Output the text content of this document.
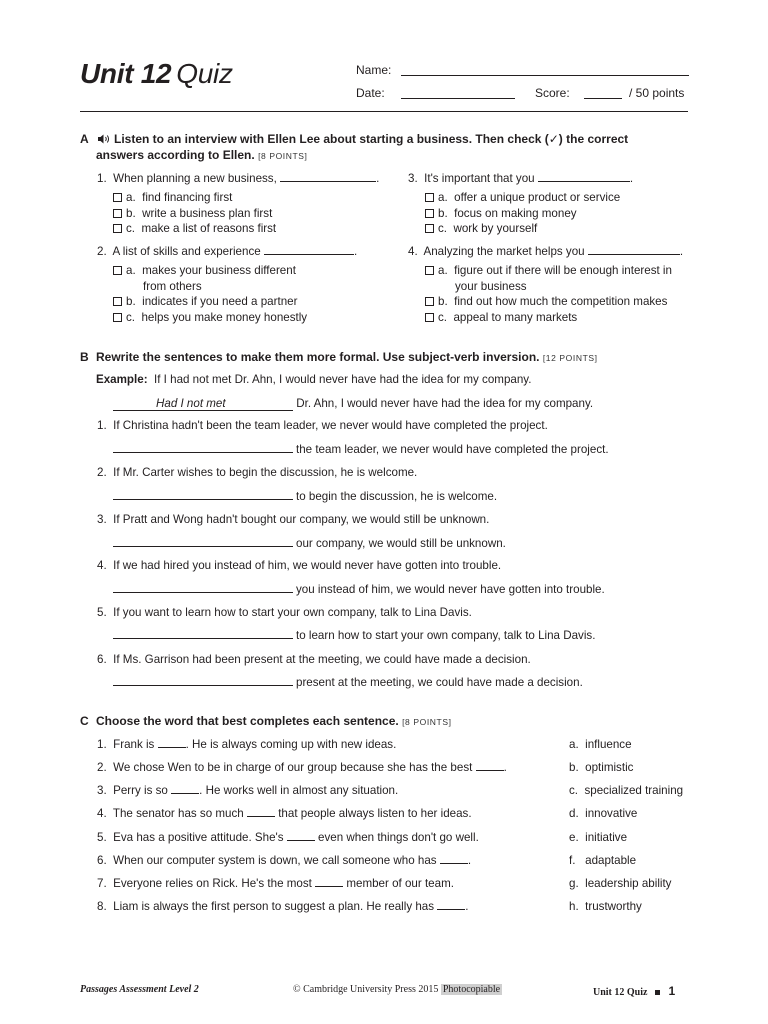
Unit 12 Quiz	Name:
Date:	Score:	/ 50 points
A	Listen to an interview with Ellen Lee about starting a business. Then check (✓) the correct
answers according to Ellen. [8 POINTS]
1. When planning a new business,	.
a. find financing first
b. write a business plan first
c. make a list of reasons first
2. A list of skills and experience	.
a. makes your business different
from others
b. indicates if you need a partner
c. helps you make money honestly
3. It's important that you	.
a. offer a unique product or service
b. focus on making money
c. work by yourself
4. Analyzing the market helps you	.
a. figure out if there will be enough interest in
your business
b. find out how much the competition makes
c. appeal to many markets
B Rewrite the sentences to make them more formal. Use subject-verb inversion. [12 POINTS]
Example: If I had not met Dr. Ahn, I would never have had the idea for my company.
Had I not met	Dr. Ahn, I would never have had the idea for my company.
1. If Christina hadn't been the team leader, we never would have completed the project.
the team leader, we never would have completed the project.
2. If Mr. Carter wishes to begin the discussion, he is welcome.
to begin the discussion, he is welcome.
3. If Pratt and Wong hadn't bought our company, we would still be unknown.
our company, we would still be unknown.
4. If we had hired you instead of him, we would never have gotten into trouble.
you instead of him, we would never have gotten into trouble.
5. If you want to learn how to start your own company, talk to Lina Davis.
to learn how to start your own company, talk to Lina Davis.
6. If Ms. Garrison had been present at the meeting, we could have made a decision.
present at the meeting, we could have made a decision.
C Choose the word that best completes each sentence. [8 POINTS]
1. Frank is	. He is always coming up with new ideas.
2. We chose Wen to be in charge of our group because she has the best	.
3. Perry is so	. He works well in almost any situation.
4. The senator has so much	that people always listen to her ideas.
5. Eva has a positive attitude. She's	even when things don't go well.
6. When our computer system is down, we call someone who has	.
7. Everyone relies on Rick. He's the most	member of our team.
8. Liam is always the first person to suggest a plan. He really has	.
a. influence
b. optimistic
c. specialized training
d. innovative
e. initiative
f. adaptable
g. leadership ability
h. trustworthy
Passages Assessment Level 2	© Cambridge University Press 2015 Photocopiable	Unit 12 Quiz 1
